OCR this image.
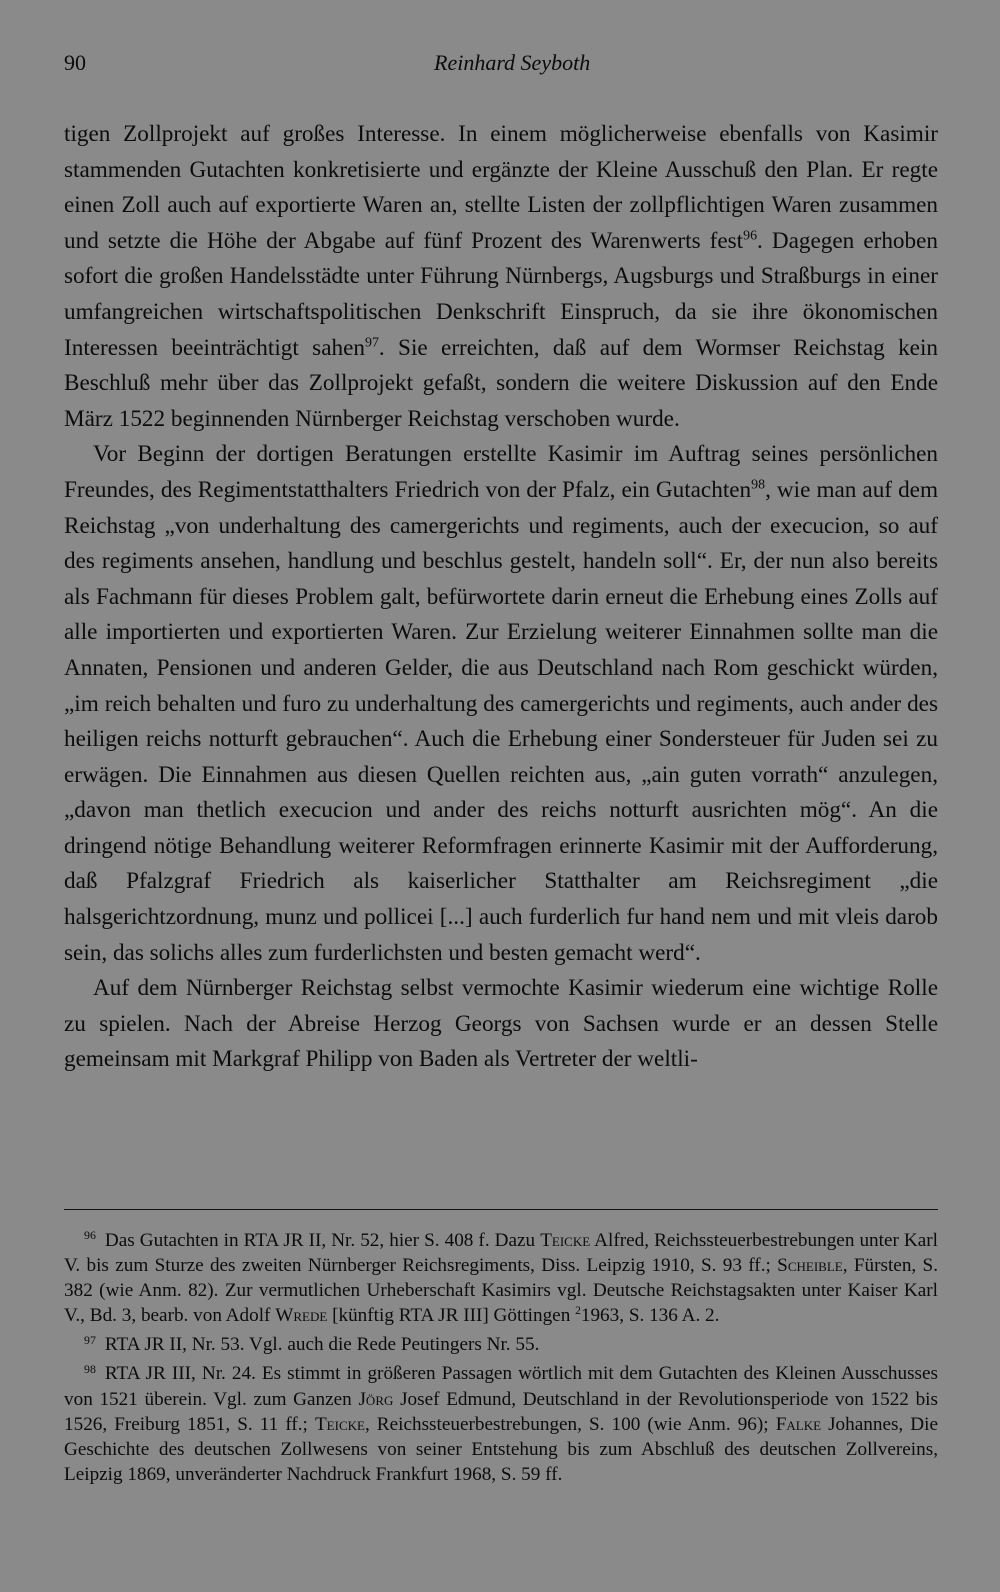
90	Reinhard Seyboth

tigen Zollprojekt auf großes Interesse. In einem möglicherweise ebenfalls von Kasimir stammenden Gutachten konkretisierte und ergänzte der Kleine Ausschuß den Plan. Er regte einen Zoll auch auf exportierte Waren an, stellte Listen der zollpflichtigen Waren zusammen und setzte die Höhe der Abgabe auf fünf Prozent des Warenwerts fest$^{96}$. Dagegen erhoben sofort die großen Handelsstädte unter Führung Nürnbergs, Augsburgs und Straßburgs in einer umfangreichen wirtschaftspolitischen Denkschrift Einspruch, da sie ihre ökonomischen Interessen beeinträchtigt sahen$^{97}$. Sie erreichten, daß auf dem Wormser Reichstag kein Beschluß mehr über das Zollprojekt gefaßt, sondern die weitere Diskussion auf den Ende März 1522 beginnenden Nürnberger Reichstag verschoben wurde.

Vor Beginn der dortigen Beratungen erstellte Kasimir im Auftrag seines persönlichen Freundes, des Regimentstatthalters Friedrich von der Pfalz, ein Gutachten$^{98}$, wie man auf dem Reichstag „von underhaltung des camergerichts und regiments, auch der execucion, so auf des regiments ansehen, handlung und beschlus gestelt, handeln soll“. Er, der nun also bereits als Fachmann für dieses Problem galt, befürwortete darin erneut die Erhebung eines Zolls auf alle importierten und exportierten Waren. Zur Erzielung weiterer Einnahmen sollte man die Annaten, Pensionen und anderen Gelder, die aus Deutschland nach Rom geschickt würden, „im reich behalten und furo zu underhaltung des camergerichts und regiments, auch ander des heiligen reichs notturft gebrauchen“. Auch die Erhebung einer Sondersteuer für Juden sei zu erwägen. Die Einnahmen aus diesen Quellen reichten aus, „ain guten vorrath“ anzulegen, „davon man thetlich execucion und ander des reichs notturft ausrichten mög“. An die dringend nötige Behandlung weiterer Reformfragen erinnerte Kasimir mit der Aufforderung, daß Pfalzgraf Friedrich als kaiserlicher Statthalter am Reichsregiment „die halsgerichtzordnung, munz und pollicei [...] auch furderlich fur hand nem und mit vleis darob sein, das solichs alles zum furderlichsten und besten gemacht werd“.

Auf dem Nürnberger Reichstag selbst vermochte Kasimir wiederum eine wichtige Rolle zu spielen. Nach der Abreise Herzog Georgs von Sachsen wurde er an dessen Stelle gemeinsam mit Markgraf Philipp von Baden als Vertreter der weltli-

$^{96}$ Das Gutachten in RTA JR II, Nr. 52, hier S. 408 f. Dazu Teicke Alfred, Reichssteuerbestrebungen unter Karl V. bis zum Sturze des zweiten Nürnberger Reichsregiments, Diss. Leipzig 1910, S. 93 ff.; Scheible, Fürsten, S. 382 (wie Anm. 82). Zur vermutlichen Urheberschaft Kasimirs vgl. Deutsche Reichstagsakten unter Kaiser Karl V., Bd. 3, bearb. von Adolf Wrede [künftig RTA JR III] Göttingen $^2$1963, S. 136 A. 2.

$^{97}$ RTA JR II, Nr. 53. Vgl. auch die Rede Peutingers Nr. 55.

$^{98}$ RTA JR III, Nr. 24. Es stimmt in größeren Passagen wörtlich mit dem Gutachten des Kleinen Ausschusses von 1521 überein. Vgl. zum Ganzen Jörg Josef Edmund, Deutschland in der Revolutionsperiode von 1522 bis 1526, Freiburg 1851, S. 11 ff.; Teicke, Reichssteuerbestrebungen, S. 100 (wie Anm. 96); Falke Johannes, Die Geschichte des deutschen Zollwesens von seiner Entstehung bis zum Abschluß des deutschen Zollvereins, Leipzig 1869, unveränderter Nachdruck Frankfurt 1968, S. 59 ff.
